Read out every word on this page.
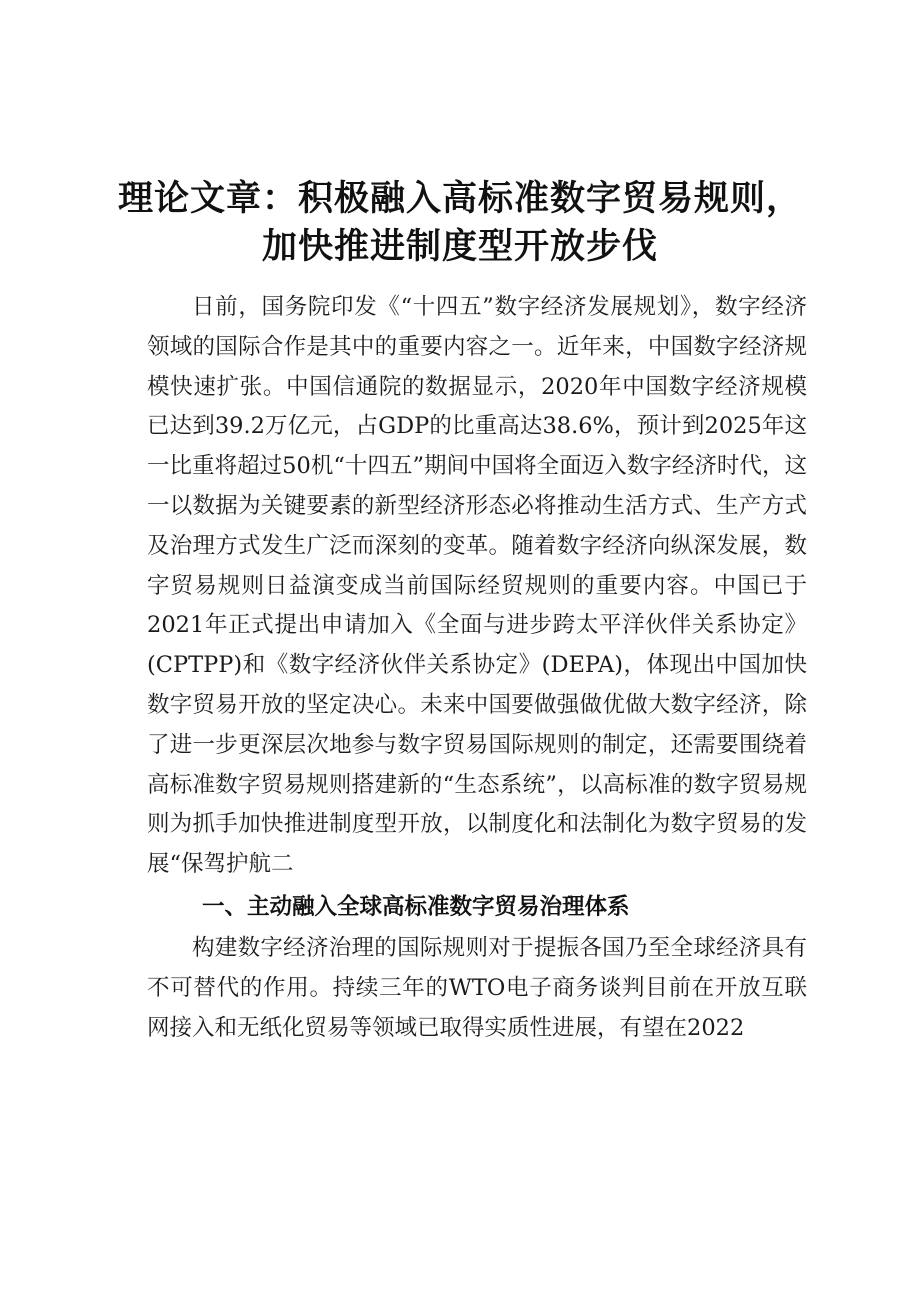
理论文章：积极融入高标准数字贸易规则，
加快推进制度型开放步伐

日前，国务院印发《“十四五”数字经济发展规划》，数字经济领域的国际合作是其中的重要内容之一。近年来，中国数字经济规模快速扩张。中国信通院的数据显示，2020年中国数字经济规模已达到39.2万亿元，占GDP的比重高达38.6%，预计到2025年这一比重将超过50机“十四五”期间中国将全面迈入数字经济时代，这一以数据为关键要素的新型经济形态必将推动生活方式、生产方式及治理方式发生广泛而深刻的变革。随着数字经济向纵深发展，数字贸易规则日益演变成当前国际经贸规则的重要内容。中国已于2021年正式提出申请加入《全面与进步跨太平洋伙伴关系协定》(CPTPP)和《数字经济伙伴关系协定》(DEPA)，体现出中国加快数字贸易开放的坚定决心。未来中国要做强做优做大数字经济，除了进一步更深层次地参与数字贸易国际规则的制定，还需要围绕着高标准数字贸易规则搭建新的“生态系统”，以高标准的数字贸易规则为抓手加快推进制度型开放，以制度化和法制化为数字贸易的发展“保驾护航二

一、主动融入全球高标准数字贸易治理体系

构建数字经济治理的国际规则对于提振各国乃至全球经济具有不可替代的作用。持续三年的WTO电子商务谈判目前在开放互联网接入和无纸化贸易等领域已取得实质性进展，有望在2022
